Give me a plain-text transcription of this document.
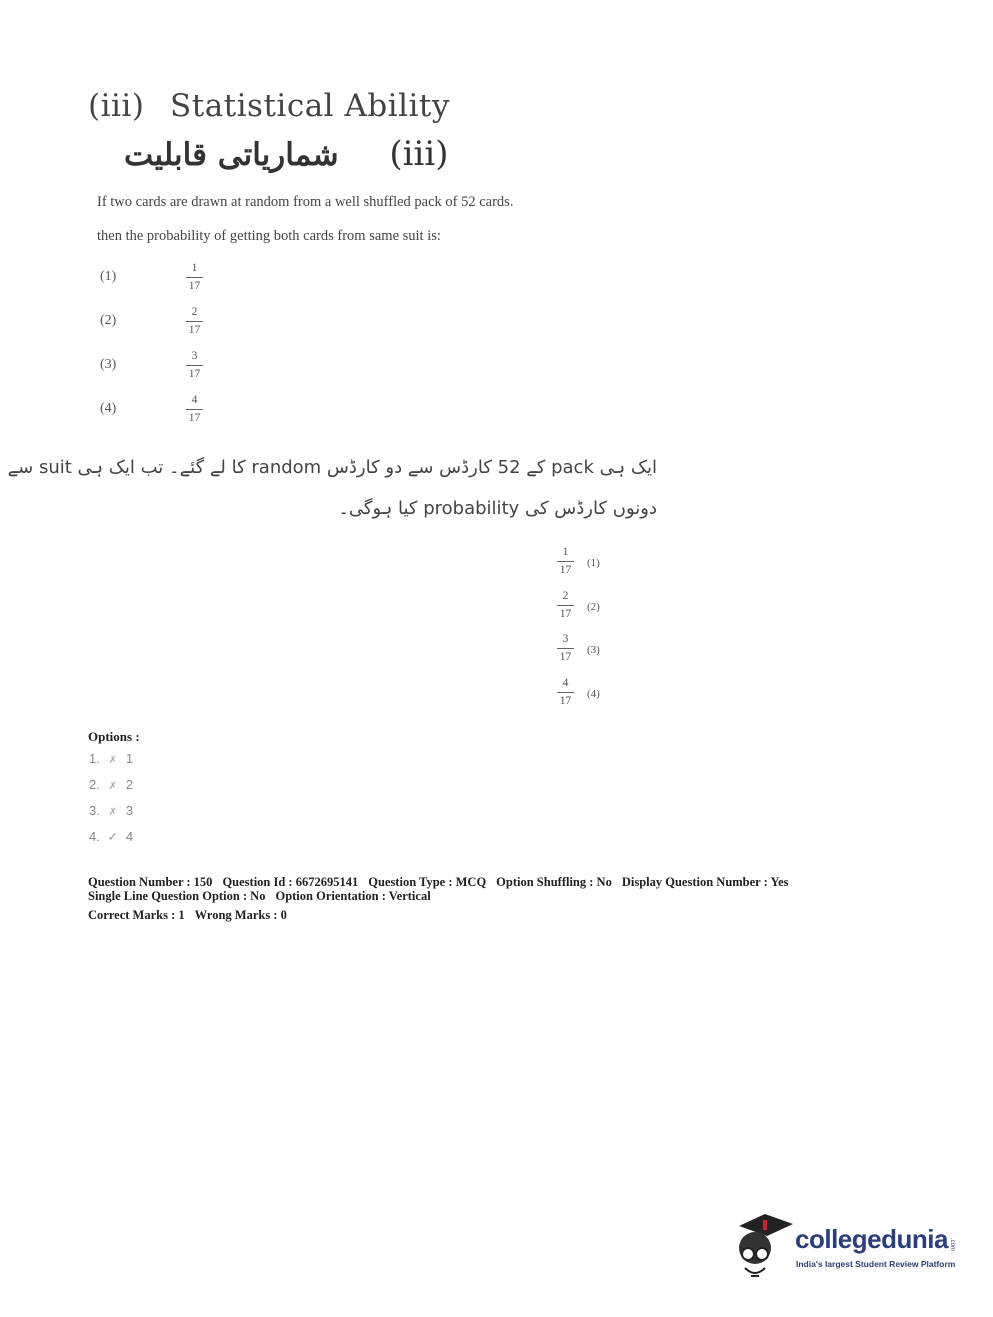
(iii) Statistical Ability
شماریاتی قابلیت (iii)
If two cards are drawn at random from a well shuffled pack of 52 cards.
then the probability of getting both cards from same suit is:
(1)
1
17
(2)
2
17
(3)
3
17
(4)
4
17
ایک ہی pack کے 52 کارڈس سے دو کارڈس random کا لے گئے۔ تب ایک ہی suit سے
دونوں کارڈس کی probability کیا ہوگی۔
1
17
(1)
2
17
(2)
3
17
(3)
4
17
(4)
Options :
1. ✗ 1
2. ✗ 2
3. ✗ 3
4. ✓ 4
Question Number : 150 Question Id : 6672695141 Question Type : MCQ Option Shuffling : No Display Question Number : Yes
Single Line Question Option : No Option Orientation : Vertical
Correct Marks : 1 Wrong Marks : 0
collegedunia .com
India's largest Student Review Platform
